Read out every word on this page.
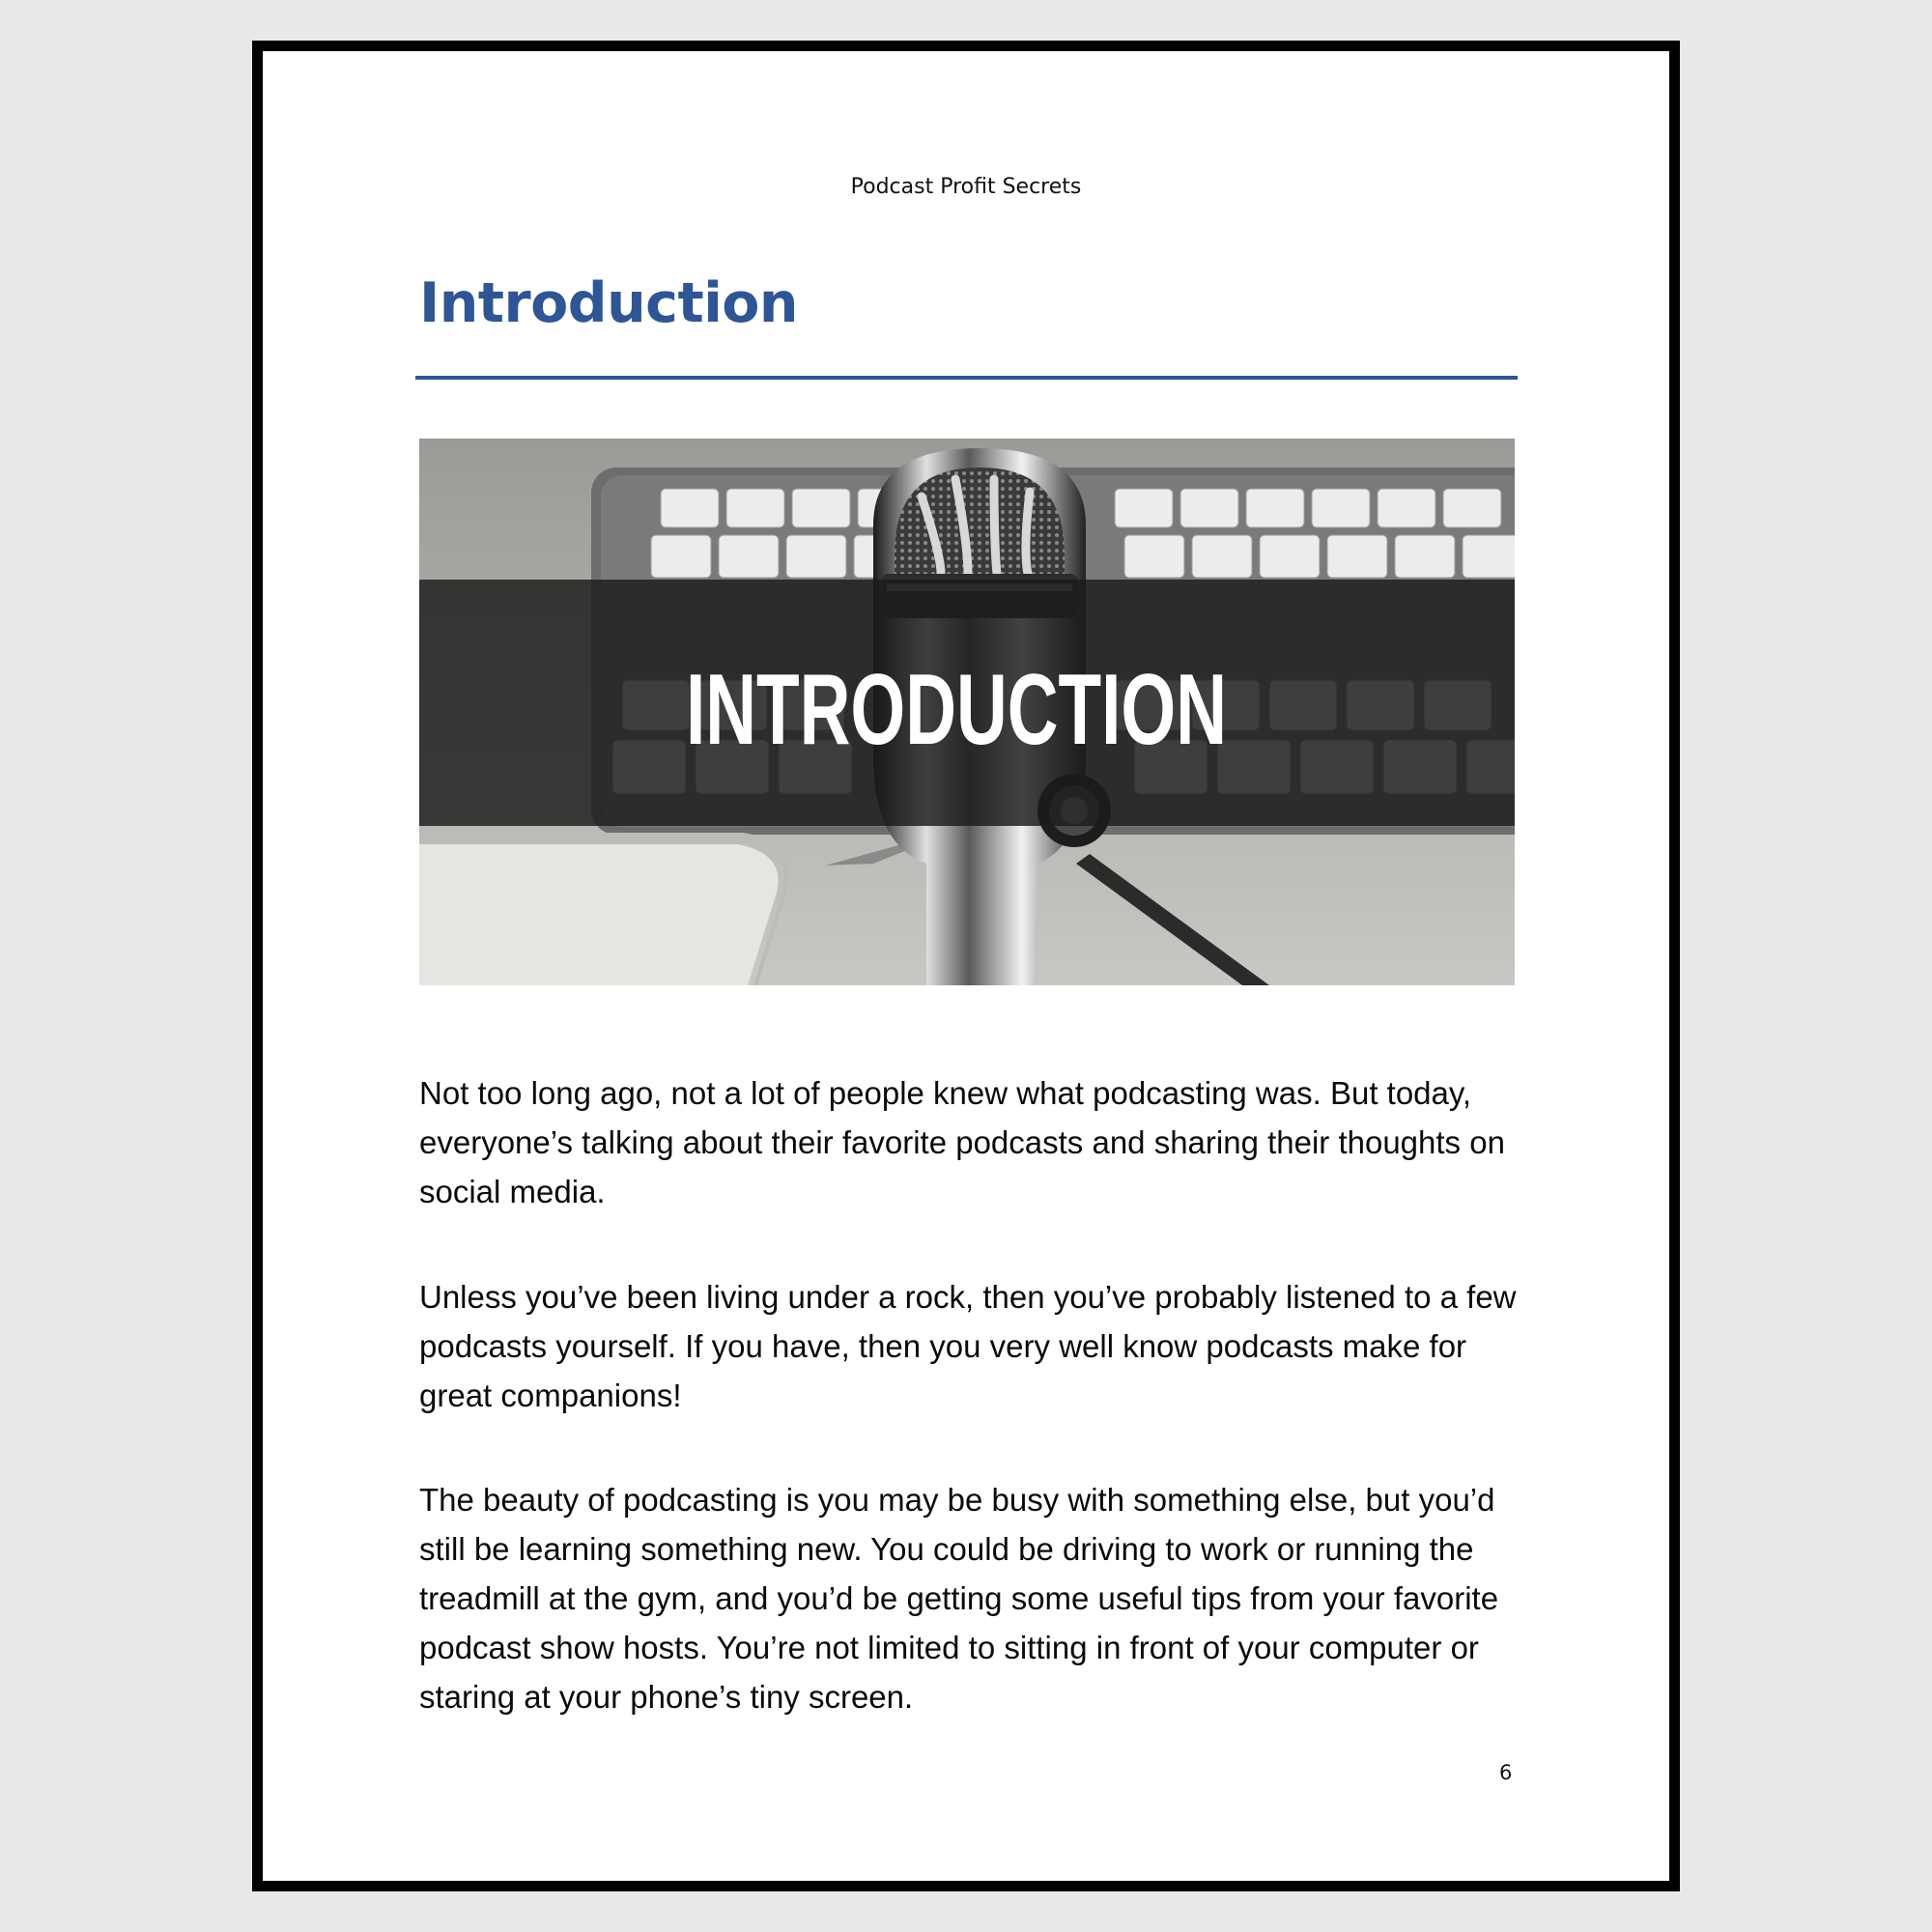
Podcast Profit Secrets
Introduction
INTRODUCTION

Not too long ago, not a lot of people knew what podcasting was. But today, everyone’s talking about their favorite podcasts and sharing their thoughts on social media.

Unless you’ve been living under a rock, then you’ve probably listened to a few podcasts yourself. If you have, then you very well know podcasts make for great companions!

The beauty of podcasting is you may be busy with something else, but you’d still be learning something new. You could be driving to work or running the treadmill at the gym, and you’d be getting some useful tips from your favorite podcast show hosts. You’re not limited to sitting in front of your computer or staring at your phone’s tiny screen.

6
